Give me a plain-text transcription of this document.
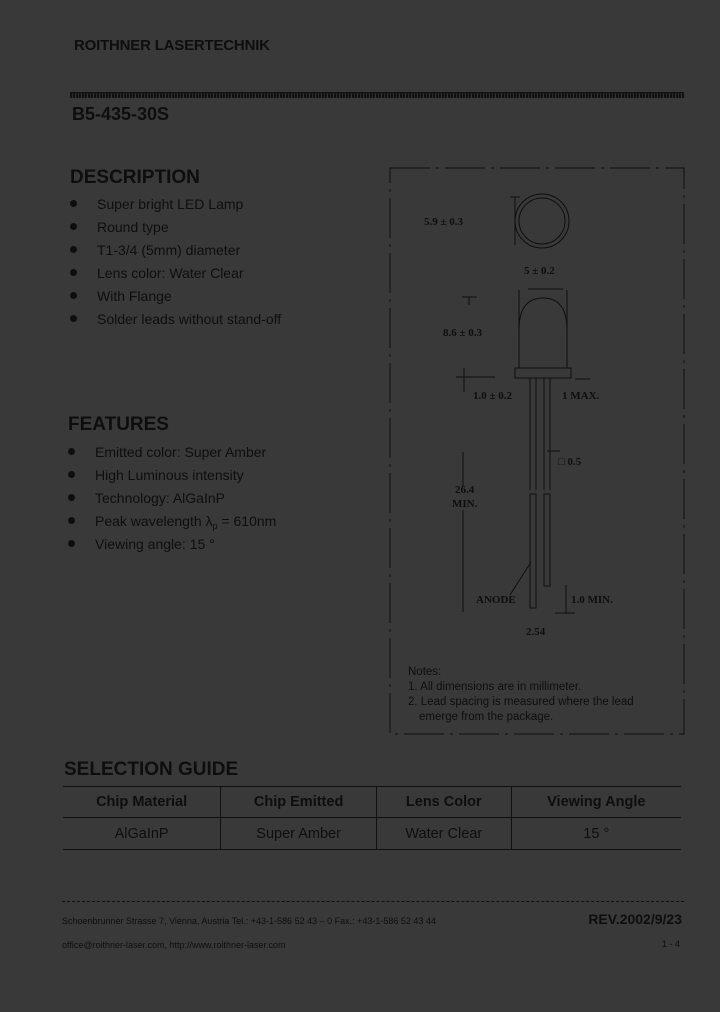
ROITHNER LASERTECHNIK
B5-435-30S
DESCRIPTION
Super bright LED Lamp
Round type
T1-3/4 (5mm) diameter
Lens color: Water Clear
With Flange
Solder leads without stand-off
FEATURES
Emitted color: Super Amber
High Luminous intensity
Technology: AlGaInP
Peak wavelength $\lambda_p = 610nm$
Viewing angle: 15 °
5.9 ± 0.3
5 ± 0.2
8.6 ± 0.3
1.0 ± 0.2	1 MAX.
□ 0.5
26.4
MIN.
ANODE	1.0 MIN.
2.54
Notes:
1. All dimensions are in millimeter.
2. Lead spacing is measured where the lead
emerge from the package.
SELECTION GUIDE
Chip Material	Chip Emitted	Lens Color	Viewing Angle
AlGaInP	Super Amber	Water Clear	15 °
Schoenbrunner Strasse 7, Vienna, Austria Tel.: +43-1-586 52 43 – 0 Fax.: +43-1-586 52 43 44
office@roithner-laser.com, http://www.roithner-laser.com
REV.2002/9/23
1 - 4
